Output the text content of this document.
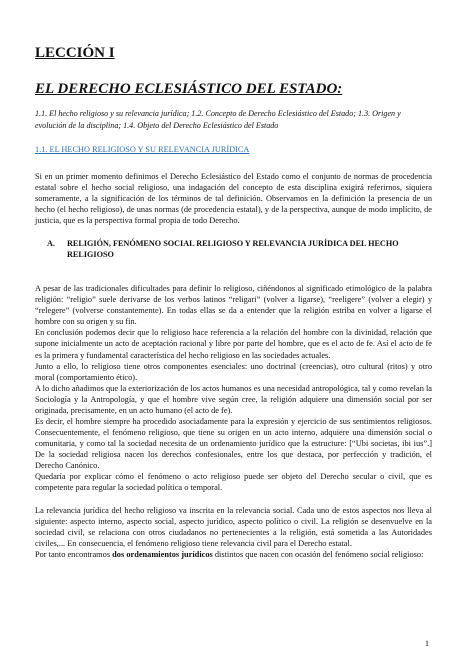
LECCIÓN I
EL DERECHO ECLESIÁSTICO DEL ESTADO:
1.1. El hecho religioso y su relevancia jurídica; 1.2. Concepto de Derecho Eclesiástico del Estado; 1.3. Origen y evolución de la disciplina; 1.4. Objeto del Derecho Eclesiástico del Estado
1.1. EL HECHO RELIGIOSO Y SU RELEVANCIA JURÍDICA

Si en un primer momento definimos el Derecho Eclesiástico del Estado como el conjunto de normas de procedencia estatal sobre el hecho social religioso, una indagación del concepto de esta disciplina exigirá referirnos, siquiera someramente, a la significación de los términos de tal definición. Observamos en la definición la presencia de un hecho (el hecho religioso), de unas normas (de procedencia estatal), y de la perspectiva, aunque de modo implícito, de justicia, que es la perspectiva formal propia de todo Derecho.

A.	RELIGIÓN, FENÓMENO SOCIAL RELIGIOSO Y RELEVANCIA JURÍDICA DEL HECHO RELIGIOSO

A pesar de las tradicionales dificultades para definir lo religioso, ciñéndonos al significado etimológico de la palabra religión: “religio” suele derivarse de los verbos latinos “religari” (volver a ligarse), “reeligere” (volver a elegir) y “relegere” (volverse constantemente). En todas ellas se da a entender que la religión estriba en volver a ligarse el hombre con su origen y su fin.

En conclusión podemos decir que lo religioso hace referencia a la relación del hombre con la divinidad, relación que supone inicialmente un acto de aceptación racional y libre por parte del hombre, que es el acto de fe. Así el acto de fe es la primera y fundamental característica del hecho religioso en las sociedades actuales.

Junto a ello, lo religioso tiene otros componentes esenciales: uno doctrinal (creencias), otro cultural (ritos) y otro moral (comportamiento ético).

A lo dicho añadimos que la exteriorización de los actos humanos es una necesidad antropológica, tal y como revelan la Sociología y la Antropología, y que el hombre vive según cree, la religión adquiere una dimensión social por ser originada, precisamente, en un acto humano (el acto de fe).

Es decir, el hombre siempre ha procedido asociadamente para la expresión y ejercicio de sus sentimientos religiosos. Consecuentemente, el fenómeno religioso, que tiene su origen en un acto interno, adquiere una dimensión social o comunitaria, y como tal la sociedad necesita de un ordenamiento jurídico que la estructure: [“Ubi societas, ibi ius”.] De la sociedad religiosa nacen los derechos confesionales, entre los que destaca, por perfección y tradición, el Derecho Canónico.

Quedaría por explicar cómo el fenómeno o acto religioso puede ser objeto del Derecho secular o civil, que es competente para regular la sociedad política o temporal.

La relevancia jurídica del hecho religioso va inscrita en la relevancia social. Cada uno de estos aspectos nos lleva al siguiente: aspecto interno, aspecto social, aspecto jurídico, aspecto político o civil. La religión se desenvuelve en la sociedad civil, se relaciona con otros ciudadanos no pertenecientes a la religión, está sometida a las Autoridades civiles,... En consecuencia, el fenómeno religioso tiene relevancia civil para el Derecho estatal.

Por tanto encontramos dos ordenamientos jurídicos distintos que nacen con ocasión del fenómeno social religioso:

1
